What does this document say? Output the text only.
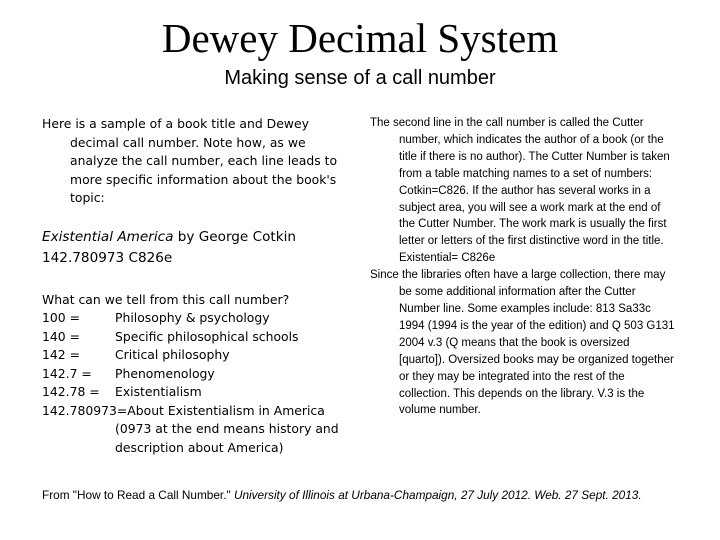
Dewey Decimal System
Making sense of a call number

Here is a sample of a book title and Dewey decimal call number. Note how, as we analyze the call number, each line leads to more specific information about the book's topic:

Existential America by George Cotkin
142.780973 C826e
What can we tell from this call number?
100 =	Philosophy & psychology
140 =	Specific philosophical schools
142 =	Critical philosophy
142.7 =	Phenomenology
142.78 =	Existentialism
142.780973= About Existentialism in America
(0973 at the end means history and description about America)

The second line in the call number is called the Cutter number, which indicates the author of a book (or the title if there is no author). The Cutter Number is taken from a table matching names to a set of numbers: Cotkin=C826. If the author has several works in a subject area, you will see a work mark at the end of the Cutter Number. The work mark is usually the first letter or letters of the first distinctive word in the title. Existential= C826e

Since the libraries often have a large collection, there may be some additional information after the Cutter Number line. Some examples include: 813 Sa33c 1994 (1994 is the year of the edition) and Q 503 G131 2004 v.3 (Q means that the book is oversized [quarto]). Oversized books may be organized together or they may be integrated into the rest of the collection. This depends on the library. V.3 is the volume number.

From "How to Read a Call Number." University of Illinois at Urbana-Champaign, 27 July 2012. Web. 27 Sept. 2013.
